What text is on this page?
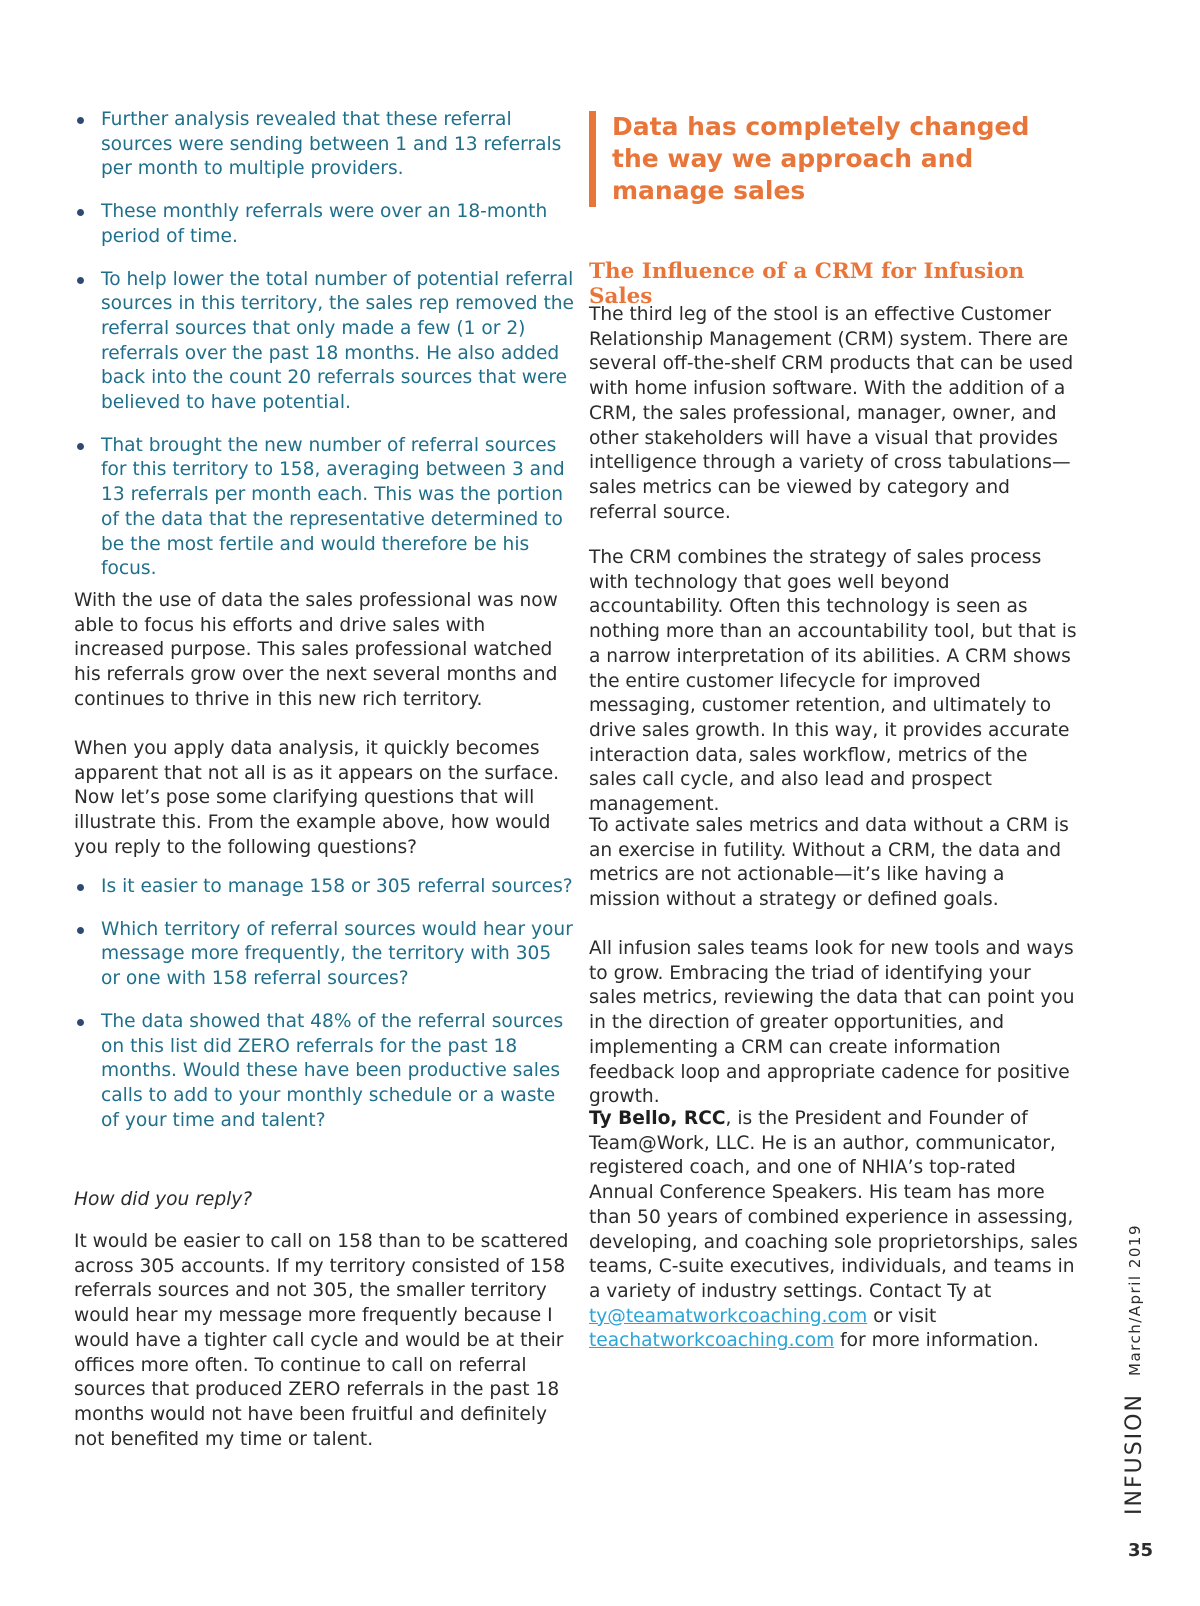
Further analysis revealed that these referral sources were sending between 1 and 13 referrals per month to multiple providers.
These monthly referrals were over an 18-month period of time.
To help lower the total number of potential referral sources in this territory, the sales rep removed the referral sources that only made a few (1 or 2) referrals over the past 18 months. He also added back into the count 20 referrals sources that were believed to have potential.
That brought the new number of referral sources for this territory to 158, averaging between 3 and 13 referrals per month each. This was the portion of the data that the representative determined to be the most fertile and would therefore be his focus.

With the use of data the sales professional was now able to focus his efforts and drive sales with increased purpose. This sales professional watched his referrals grow over the next several months and continues to thrive in this new rich territory.

When you apply data analysis, it quickly becomes apparent that not all is as it appears on the surface. Now let’s pose some clarifying questions that will illustrate this. From the example above, how would you reply to the following questions?

Is it easier to manage 158 or 305 referral sources?
Which territory of referral sources would hear your message more frequently, the territory with 305 or one with 158 referral sources?
The data showed that 48% of the referral sources on this list did ZERO referrals for the past 18 months. Would these have been productive sales calls to add to your monthly schedule or a waste of your time and talent?

How did you reply?

It would be easier to call on 158 than to be scattered across 305 accounts. If my territory consisted of 158 referrals sources and not 305, the smaller territory would hear my message more frequently because I would have a tighter call cycle and would be at their offices more often. To continue to call on referral sources that produced ZERO referrals in the past 18 months would not have been fruitful and definitely not benefited my time or talent.

Data has completely changed the way we approach and manage sales
The Influence of a CRM for Infusion Sales

The third leg of the stool is an effective Customer Relationship Management (CRM) system. There are several off-the-shelf CRM products that can be used with home infusion software. With the addition of a CRM, the sales professional, manager, owner, and other stakeholders will have a visual that provides intelligence through a variety of cross tabulations—sales metrics can be viewed by category and referral source.

The CRM combines the strategy of sales process with technology that goes well beyond accountability. Often this technology is seen as nothing more than an accountability tool, but that is a narrow interpretation of its abilities. A CRM shows the entire customer lifecycle for improved messaging, customer retention, and ultimately to drive sales growth. In this way, it provides accurate interaction data, sales workflow, metrics of the sales call cycle, and also lead and prospect management.

To activate sales metrics and data without a CRM is an exercise in futility. Without a CRM, the data and metrics are not actionable—it’s like having a mission without a strategy or defined goals.

All infusion sales teams look for new tools and ways to grow. Embracing the triad of identifying your sales metrics, reviewing the data that can point you in the direction of greater opportunities, and implementing a CRM can create information feedback loop and appropriate cadence for positive growth.

Ty Bello, RCC, is the President and Founder of Team@Work, LLC. He is an author, communicator, registered coach, and one of NHIA’s top-rated Annual Conference Speakers. His team has more than 50 years of combined experience in assessing, developing, and coaching sole proprietorships, sales teams, C-suite executives, individuals, and teams in a variety of industry settings. Contact Ty at ty@teamatworkcoaching.com or visit teachatworkcoaching.com for more information.	March/April 2019
INFUSION
35
